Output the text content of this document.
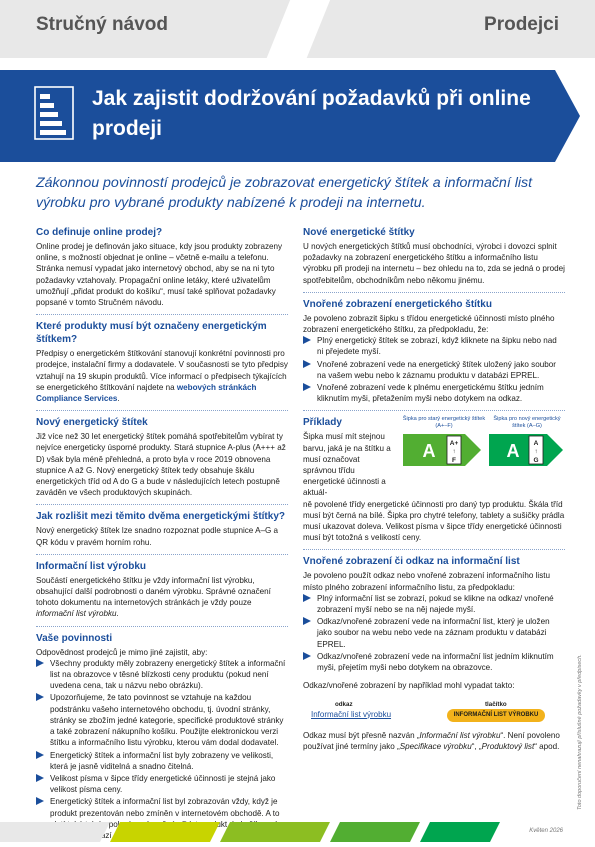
Stručný návod	Prodejci
Jak zajistit dodržování požadavků při online prodeji
Zákonnou povinností prodejců je zobrazovat energetický štítek a informační list výrobku pro vybrané produkty nabízené k prodeji na internetu.
Co definuje online prodej?

Online prodej je definován jako situace, kdy jsou produkty zobrazeny online, s možností objednat je online – včetně e-mailu a telefonu. Stránka nemusí vypadat jako internetový obchod, aby se na ni tyto požadavky vztahovaly. Propagační online letáky, které uživatelům umožňují „přidat produkt do košíku“, musí také splňovat požadavky popsané v tomto Stručném návodu.

Které produkty musí být označeny energetickým štítkem?

Předpisy o energetickém štítkování stanovují konkrétní povinnosti pro prodejce, instalační firmy a dodavatele. V současnosti se tyto předpisy vztahují na 19 skupin produktů. Více informací o předpisech týkajících se energetického štítkování najdete na webových stránkách Compliance Services.

Nový energetický štítek

Již více než 30 let energetický štítek pomáhá spotřebitelům vybírat ty nejvíce energeticky úsporné produkty. Stará stupnice A-plus (A+++ až D) však byla méně přehledná, a proto byla v roce 2019 obnovena stupnice A až G. Nový energetický štítek tedy obsahuje škálu energetických tříd od A do G a bude v následujících letech postupně zaváděn ve všech produktových skupinách.

Jak rozlišit mezi těmito dvěma energetickými štítky?

Nový energetický štítek lze snadno rozpoznat podle stupnice A–G a QR kódu v pravém horním rohu.

Informační list výrobku

Součástí energetického štítku je vždy informační list výrobku, obsahující další podrobnosti o daném výrobku. Správné označení tohoto dokumentu na internetových stránkách je vždy pouze informační list výrobku.

Vaše povinnosti

Odpovědnost prodejců je mimo jiné zajistit, aby:

Všechny produkty měly zobrazeny energetický štítek a informační list na obrazovce v těsné blízkosti ceny produktu (pokud není uvedena cena, tak u názvu nebo obrázku).
Upozorňujeme, že tato povinnost se vztahuje na každou podstránku vašeho internetového obchodu, tj. úvodní stránky, stránky se zbožím jedné kategorie, specifické produktové stránky a také zobrazení nákupního košíku. Použijte elektronickou verzi štítku a informačního listu výrobku, kterou vám dodal dodavatel.
Energetický štítek a informační list byly zobrazeny ve velikosti, která je jasně viditelná a snadno čitelná.
Velikost písma v šipce třídy energetické účinnosti je stejná jako velikost písma ceny.
Energetický štítek a informační list byl zobrazován vždy, když je produkt prezentován nebo zmíněn v internetovém obchodě. A to
Nové energetické štítky

U nových energetických štítků musí obchodníci, výrobci i dovozci splnit požadavky na zobrazení energetického štítku a informačního listu výrobku při prodeji na internetu – bez ohledu na to, zda se jedná o prodej spotřebitelům, obchodníkům nebo někomu jinému.

Vnořené zobrazení energetického štítku

Je povoleno zobrazit šipku s třídou energetické účinnosti místo plného zobrazení energetického štítku, za předpokladu, že:

Plný energetický štítek se zobrazí, když kliknete na šipku nebo nad ni přejedete myší.
Vnořené zobrazení vede na energetický štítek uložený jako soubor na vašem webu nebo k záznamu produktu v databázi EPREL.
Vnořené zobrazení vede k plnému energetickému štítku jedním kliknutím myši, přetažením myši nebo dotykem na odkaz.
Příklady

Šipka musí mít stejnou barvu, jaká je na štítku a musí označovat správnou třídu energetické účinnosti a aktuál-

ně povolené třídy energetické účinnosti pro daný typ produktu. Škála tříd musí být černá na bílé. Šipka pro chytré telefony, tablety a sušičky prádla musí ukazovat doleva. Velikost písma v šipce třídy energetické účinnosti musí být totožná s velikostí ceny.

Šipka pro starý energetický štítek (A+–F)
Šipka pro nový energetický štítek (A–G)
A A+
↑
F	A A
↑
G
Vnořené zobrazení či odkaz na informační list

Je povoleno použít odkaz nebo vnořené zobrazení informačního listu místo plného zobrazení informačního listu, za předpokladu:

Plný informační list se zobrazí, pokud se klikne na odkaz/ vnořené zobrazení myší nebo se na něj najede myší.
Odkaz/vnořené zobrazení vede na informační list, který je uložen jako soubor na webu nebo vede na záznam produktu v databázi EPREL.
Odkaz/vnořené zobrazení vede na informační list jedním kliknutím myši, přejetím myši nebo dotykem na obrazovce.

Odkaz/vnořené zobrazení by například mohl vypadat takto:

odkaz
Informační list výrobku
tlačítko
INFORMAČNÍ LIST VÝROBKU

Odkaz musí být přesně nazván „Informační list výrobku“. Není povoleno používat jiné termíny jako „Specifikace výrobku“, „Produktový list“ apod.	Toto doporučení nenahrazují příslušné požadavky v předpisech.
Květen 2026
